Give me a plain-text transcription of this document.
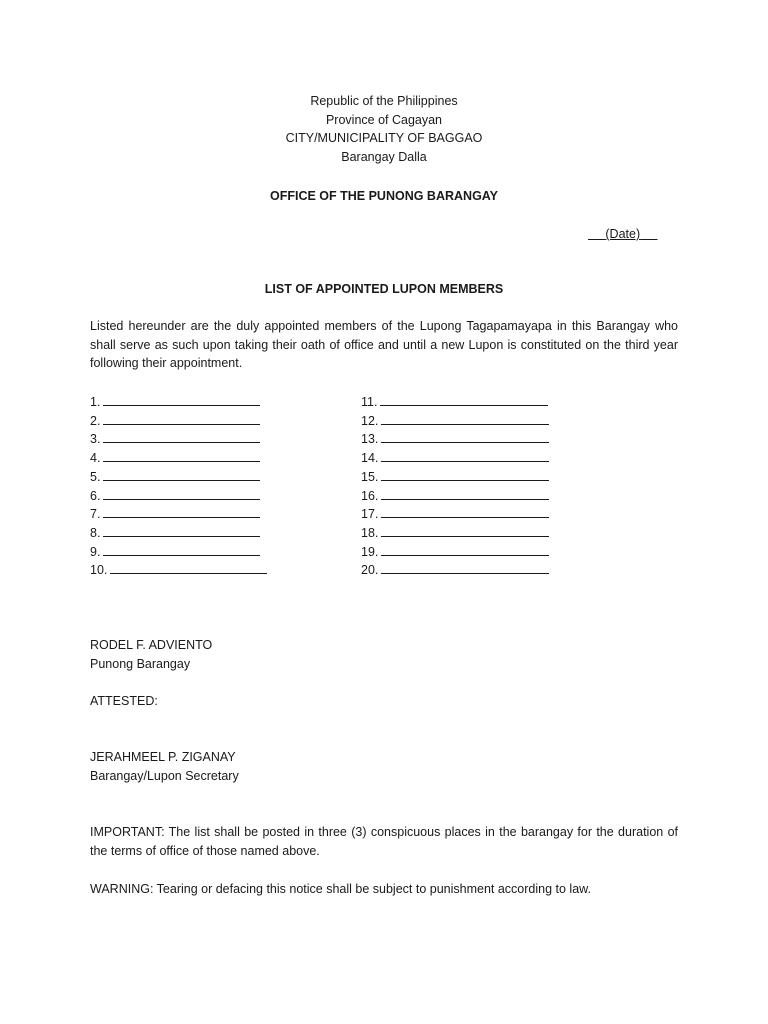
Republic of the Philippines
Province of Cagayan
CITY/MUNICIPALITY OF BAGGAO
Barangay Dalla
OFFICE OF THE PUNONG BARANGAY
(Date)
LIST OF APPOINTED LUPON MEMBERS
Listed hereunder are the duly appointed members of the Lupong Tagapamayapa in this Barangay who shall serve as such upon taking their oath of office and until a new Lupon is constituted on the third year following their appointment.
1.
2.
3.
4.
5.
6.
7.
8.
9.
10.
11.
12.
13.
14.
15.
16.
17.
18.
19.
20.
RODEL F. ADVIENTO
Punong Barangay
ATTESTED:
JERAHMEEL P. ZIGANAY
Barangay/Lupon Secretary
IMPORTANT: The list shall be posted in three (3) conspicuous places in the barangay for the duration of the terms of office of those named above.
WARNING: Tearing or defacing this notice shall be subject to punishment according to law.
